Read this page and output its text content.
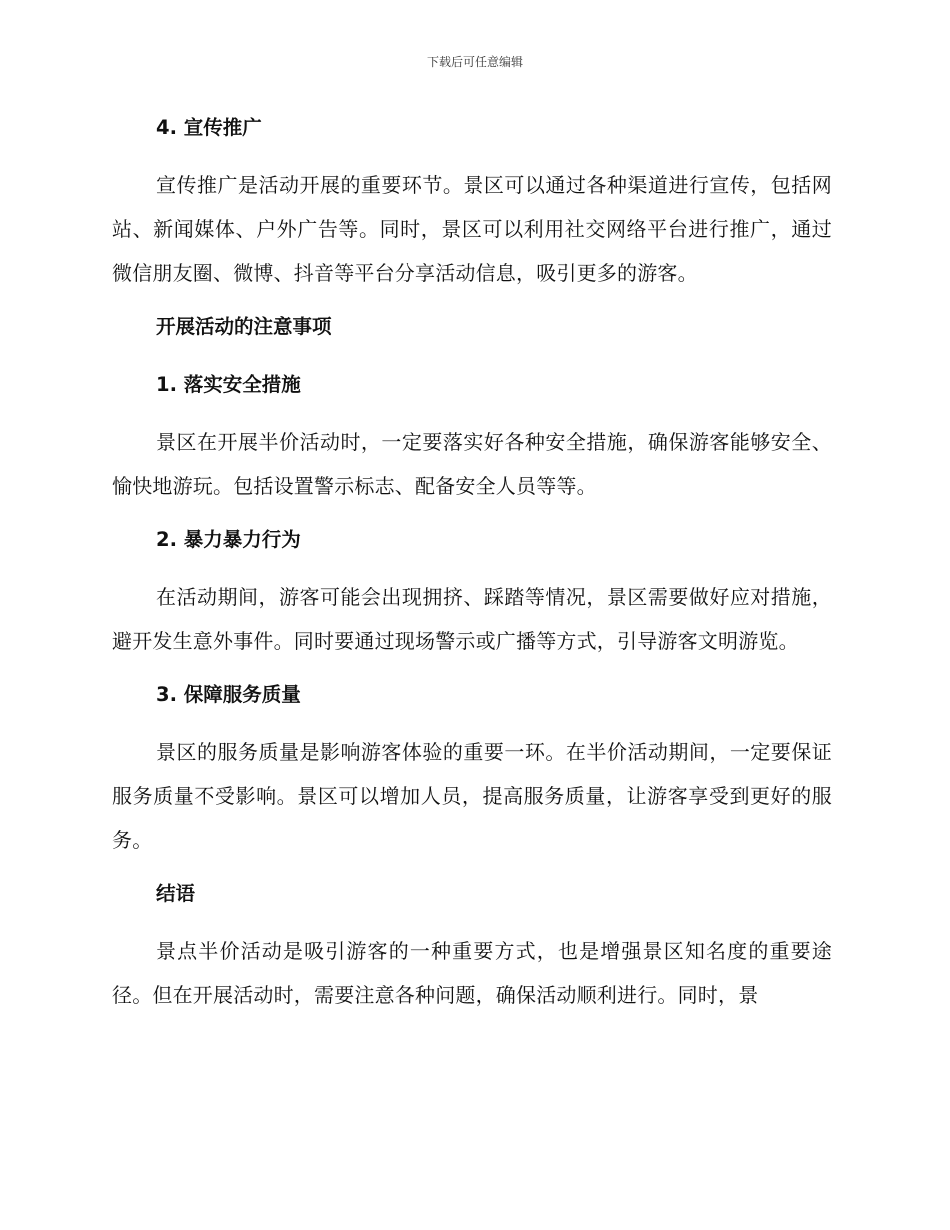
下载后可任意编辑
4. 宣传推广

宣传推广是活动开展的重要环节。景区可以通过各种渠道进行宣传，包括网站、新闻媒体、户外广告等。同时，景区可以利用社交网络平台进行推广，通过微信朋友圈、微博、抖音等平台分享活动信息，吸引更多的游客。

开展活动的注意事项
1. 落实安全措施

景区在开展半价活动时，一定要落实好各种安全措施，确保游客能够安全、愉快地游玩。包括设置警示标志、配备安全人员等等。

2. 暴力暴力行为

在活动期间，游客可能会出现拥挤、踩踏等情况，景区需要做好应对措施，避开发生意外事件。同时要通过现场警示或广播等方式，引导游客文明游览。

3. 保障服务质量

景区的服务质量是影响游客体验的重要一环。在半价活动期间，一定要保证服务质量不受影响。景区可以增加人员，提高服务质量，让游客享受到更好的服务。

结语

景点半价活动是吸引游客的一种重要方式，也是增强景区知名度的重要途径。但在开展活动时，需要注意各种问题，确保活动顺利进行。同时，景
